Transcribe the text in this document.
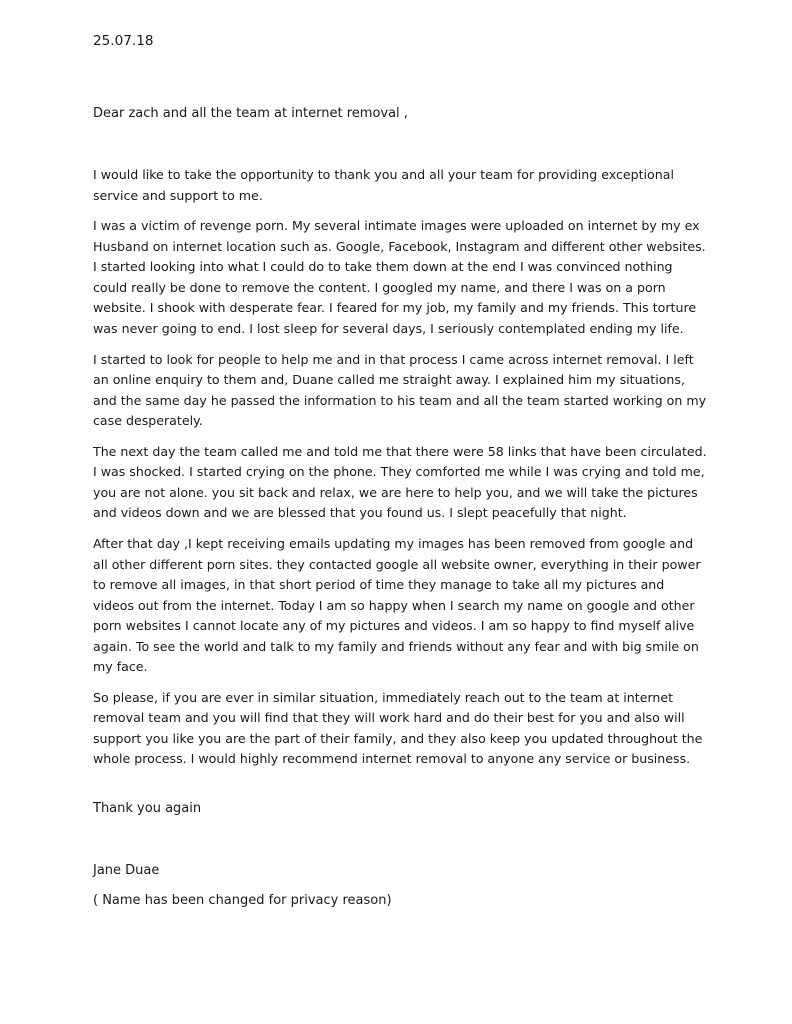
25.07.18
Dear zach and all the team at internet removal ,

I would like to take the opportunity to thank you and all your team for providing exceptional service and support to me.

I was a victim of revenge porn. My several intimate images were uploaded on internet by my ex Husband on internet location such as. Google, Facebook, Instagram and different other websites. I started looking into what I could do to take them down at the end I was convinced nothing could really be done to remove the content. I googled my name, and there I was on a porn website. I shook with desperate fear. I feared for my job, my family and my friends. This torture was never going to end. I lost sleep for several days, I seriously contemplated ending my life.

I started to look for people to help me and in that process I came across internet removal. I left an online enquiry to them and, Duane called me straight away. I explained him my situations, and the same day he passed the information to his team and all the team started working on my case desperately.

The next day the team called me and told me that there were 58 links that have been circulated. I was shocked. I started crying on the phone. They comforted me while I was crying and told me, you are not alone. you sit back and relax, we are here to help you, and we will take the pictures and videos down and we are blessed that you found us. I slept peacefully that night.

After that day ,I kept receiving emails updating my images has been removed from google and all other different porn sites. they contacted google all website owner, everything in their power to remove all images, in that short period of time they manage to take all my pictures and videos out from the internet. Today I am so happy when I search my name on google and other porn websites I cannot locate any of my pictures and videos. I am so happy to find myself alive again. To see the world and talk to my family and friends without any fear and with big smile on my face.

So please, if you are ever in similar situation, immediately reach out to the team at internet removal team and you will find that they will work hard and do their best for you and also will support you like you are the part of their family, and they also keep you updated throughout the whole process. I would highly recommend internet removal to anyone any service or business.

Thank you again
Jane Duae
( Name has been changed for privacy reason)
